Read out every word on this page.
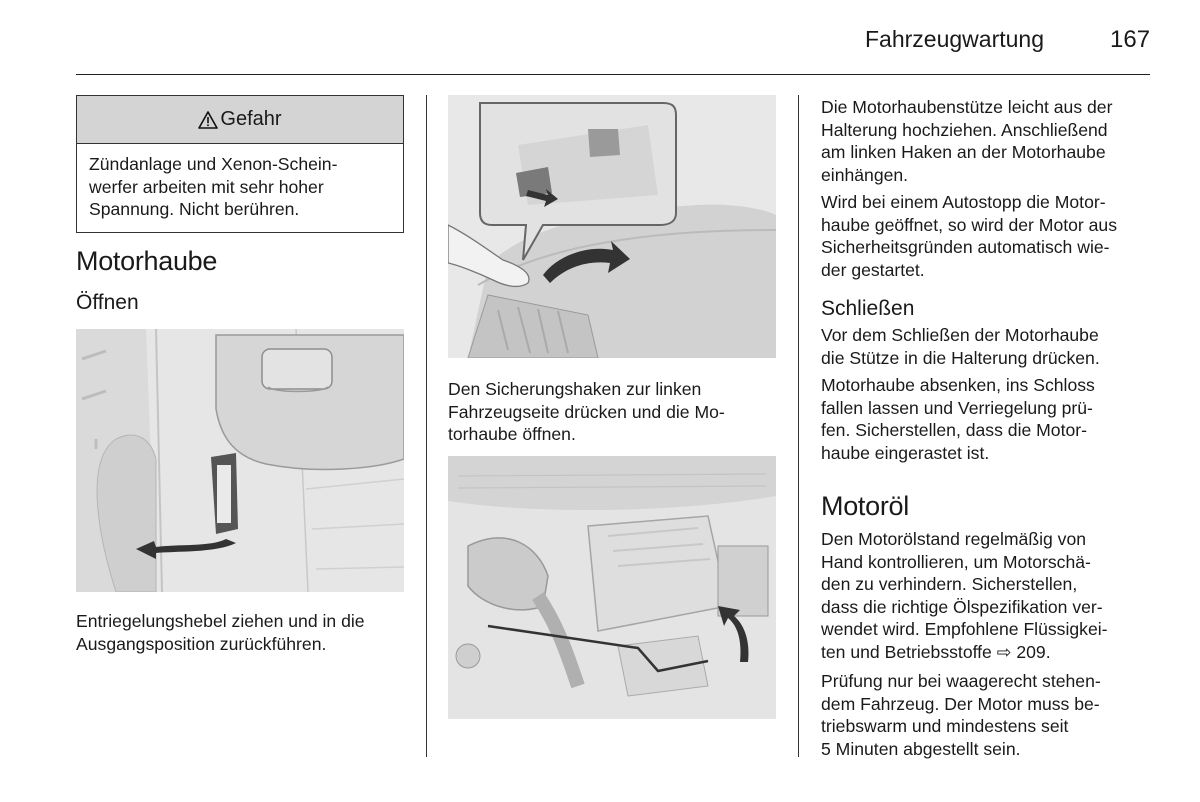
Fahrzeugwartung	167
Gefahr
Zündanlage und Xenon-Schein-
werfer arbeiten mit sehr hoher
Spannung. Nicht berühren.
Motorhaube
Öffnen
Entriegelungshebel ziehen und in die
Ausgangsposition zurückführen.
Den Sicherungshaken zur linken
Fahrzeugseite drücken und die Mo-
torhaube öffnen.
Die Motorhaubenstütze leicht aus der
Halterung hochziehen. Anschließend
am linken Haken an der Motorhaube
einhängen.
Wird bei einem Autostopp die Motor-
haube geöffnet, so wird der Motor aus
Sicherheitsgründen automatisch wie-
der gestartet.
Schließen
Vor dem Schließen der Motorhaube
die Stütze in die Halterung drücken.
Motorhaube absenken, ins Schloss
fallen lassen und Verriegelung prü-
fen. Sicherstellen, dass die Motor-
haube eingerastet ist.
Motoröl
Den Motorölstand regelmäßig von
Hand kontrollieren, um Motorschä-
den zu verhindern. Sicherstellen,
dass die richtige Ölspezifikation ver-
wendet wird. Empfohlene Flüssigkei-
ten und Betriebsstoffe ⇨ 209.
Prüfung nur bei waagerecht stehen-
dem Fahrzeug. Der Motor muss be-
triebswarm und mindestens seit
5 Minuten abgestellt sein.
